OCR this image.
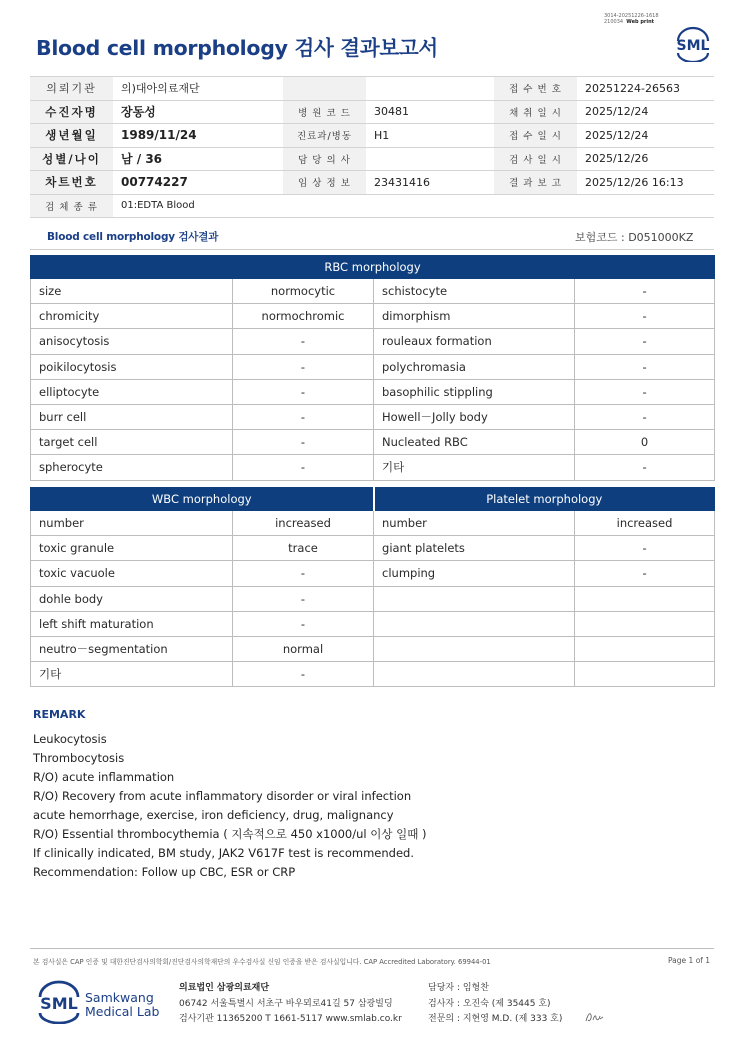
3014-20251226-1618
210034 Web print
Blood cell morphology 검사 결과보고서	SML
의뢰기관	의)대아의료재단			접 수 번 호	20251224-26563
수진자명	장동성	병 원 코 드	30481	채 취 일 시	2025/12/24
생년월일	1989/11/24	진료과/병동	H1	접 수 일 시	2025/12/24
성별/나이	남 / 36	담 당 의 사		검 사 일 시	2025/12/26
차트번호	00774227	임 상 정 보	23431416	결 과 보 고	2025/12/26 16:13
검 체 종 류	01:EDTA Blood				
Blood cell morphology 검사결과	보험코드 : D051000KZ
RBC morphology			
size	normocytic	schistocyte	-
chromicity	normochromic	dimorphism	-
anisocytosis	-	rouleaux formation	-
poikilocytosis	-	polychromasia	-
elliptocyte	-	basophilic stippling	-
burr cell	-	Howell－Jolly body	-
target cell	-	Nucleated RBC	0
spherocyte	-	기타	-
WBC morphology		Platelet morphology	
number	increased	number	increased
toxic granule	trace	giant platelets	-
toxic vacuole	-	clumping	-
dohle body	-		
left shift maturation	-		
neutro－segmentation	normal		
기타	-		
REMARK
Leukocytosis
Thrombocytosis
R/O) acute inflammation
R/O) Recovery from acute inflammatory disorder or viral infection
acute hemorrhage, exercise, iron deficiency, drug, malignancy
R/O) Essential thrombocythemia ( 지속적으로 450 x1000/ul 이상 일때 )
If clinically indicated, BM study, JAK2 V617F test is recommended.
Recommendation: Follow up CBC, ESR or CRP
본 검사실은 CAP 인증 및 대한진단검사의학회/진단검사의학재단의 우수검사실 신임 인증을 받은 검사실입니다. CAP Accredited Laboratory. 69944-01	Page 1 of 1
SML Samkwang
Medical Lab
의료법인 삼광의료재단
06742 서울특별시 서초구 바우뫼로41길 57 삼광빌딩
검사기관 11365200 T 1661-5117 www.smlab.co.kr
담당자 : 임형찬
검사자 : 오진숙 (제 35445 호)
전문의 : 지현영 M.D. (제 333 호)
